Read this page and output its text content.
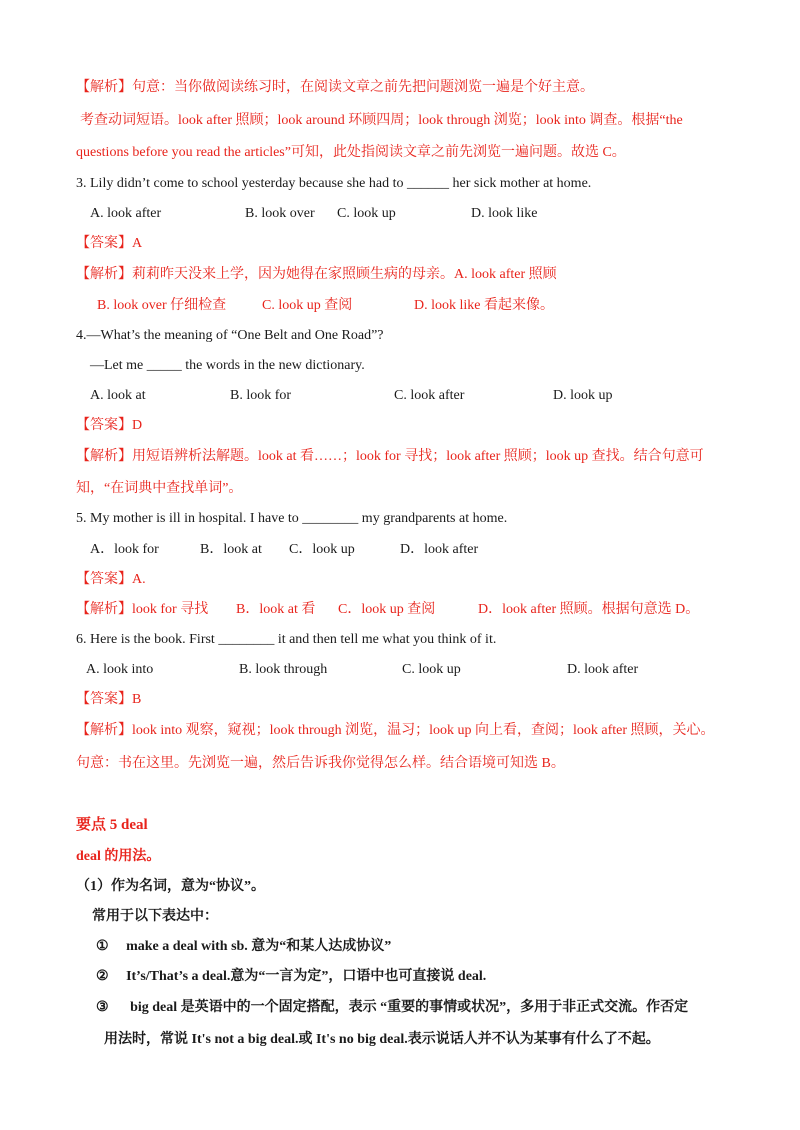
【解析】句意：当你做阅读练习时，在阅读文章之前先把问题浏览一遍是个好主意。
考查动词短语。look after 照顾；look around 环顾四周；look through 浏览；look into 调查。根据“the
questions before you read the articles”可知，此处指阅读文章之前先浏览一遍问题。故选 C。
3. Lily didn’t come to school yesterday because she had to ______ her sick mother at home.
A. look after	B. look over C. look up	D. look like
【答案】A
【解析】莉莉昨天没来上学，因为她得在家照顾生病的母亲。A. look after 照顾
B. look over 仔细检查	C. look up 查阅	D. look like 看起来像。
4.—What’s the meaning of “One Belt and One Road”?
—Let me _____ the words in the new dictionary.
A. look at	B. look for	C. look after	D. look up
【答案】D
【解析】用短语辨析法解题。look at 看……；look for 寻找；look after 照顾；look up 查找。结合句意可
知，“在词典中查找单词”。
5. My mother is ill in hospital. I have to ________ my grandparents at home.
A．look for	B．look at C．look up	D．look after
【答案】A.
【解析】look for 寻找 B．look at 看 C．look up 查阅	D．look after 照顾。根据句意选 D。
6. Here is the book. First ________ it and then tell me what you think of it.
A. look into	B. look through	C. look up	D. look after
【答案】B
【解析】look into 观察，窥视；look through 浏览，温习；look up 向上看，查阅；look after 照顾，关心。
句意：书在这里。先浏览一遍，然后告诉我你觉得怎么样。结合语境可知选 B。
要点 5 deal
deal 的用法。
（1）作为名词，意为“协议”。
常用于以下表达中：
① make a deal with sb. 意为“和某人达成协议”
② It’s/That’s a deal.意为“一言为定”，口语中也可直接说 deal.
③ big deal 是英语中的一个固定搭配，表示 “重要的事情或状况”，多用于非正式交流。作否定
用法时，常说 It's not a big deal.或 It's no big deal.表示说话人并不认为某事有什么了不起。
